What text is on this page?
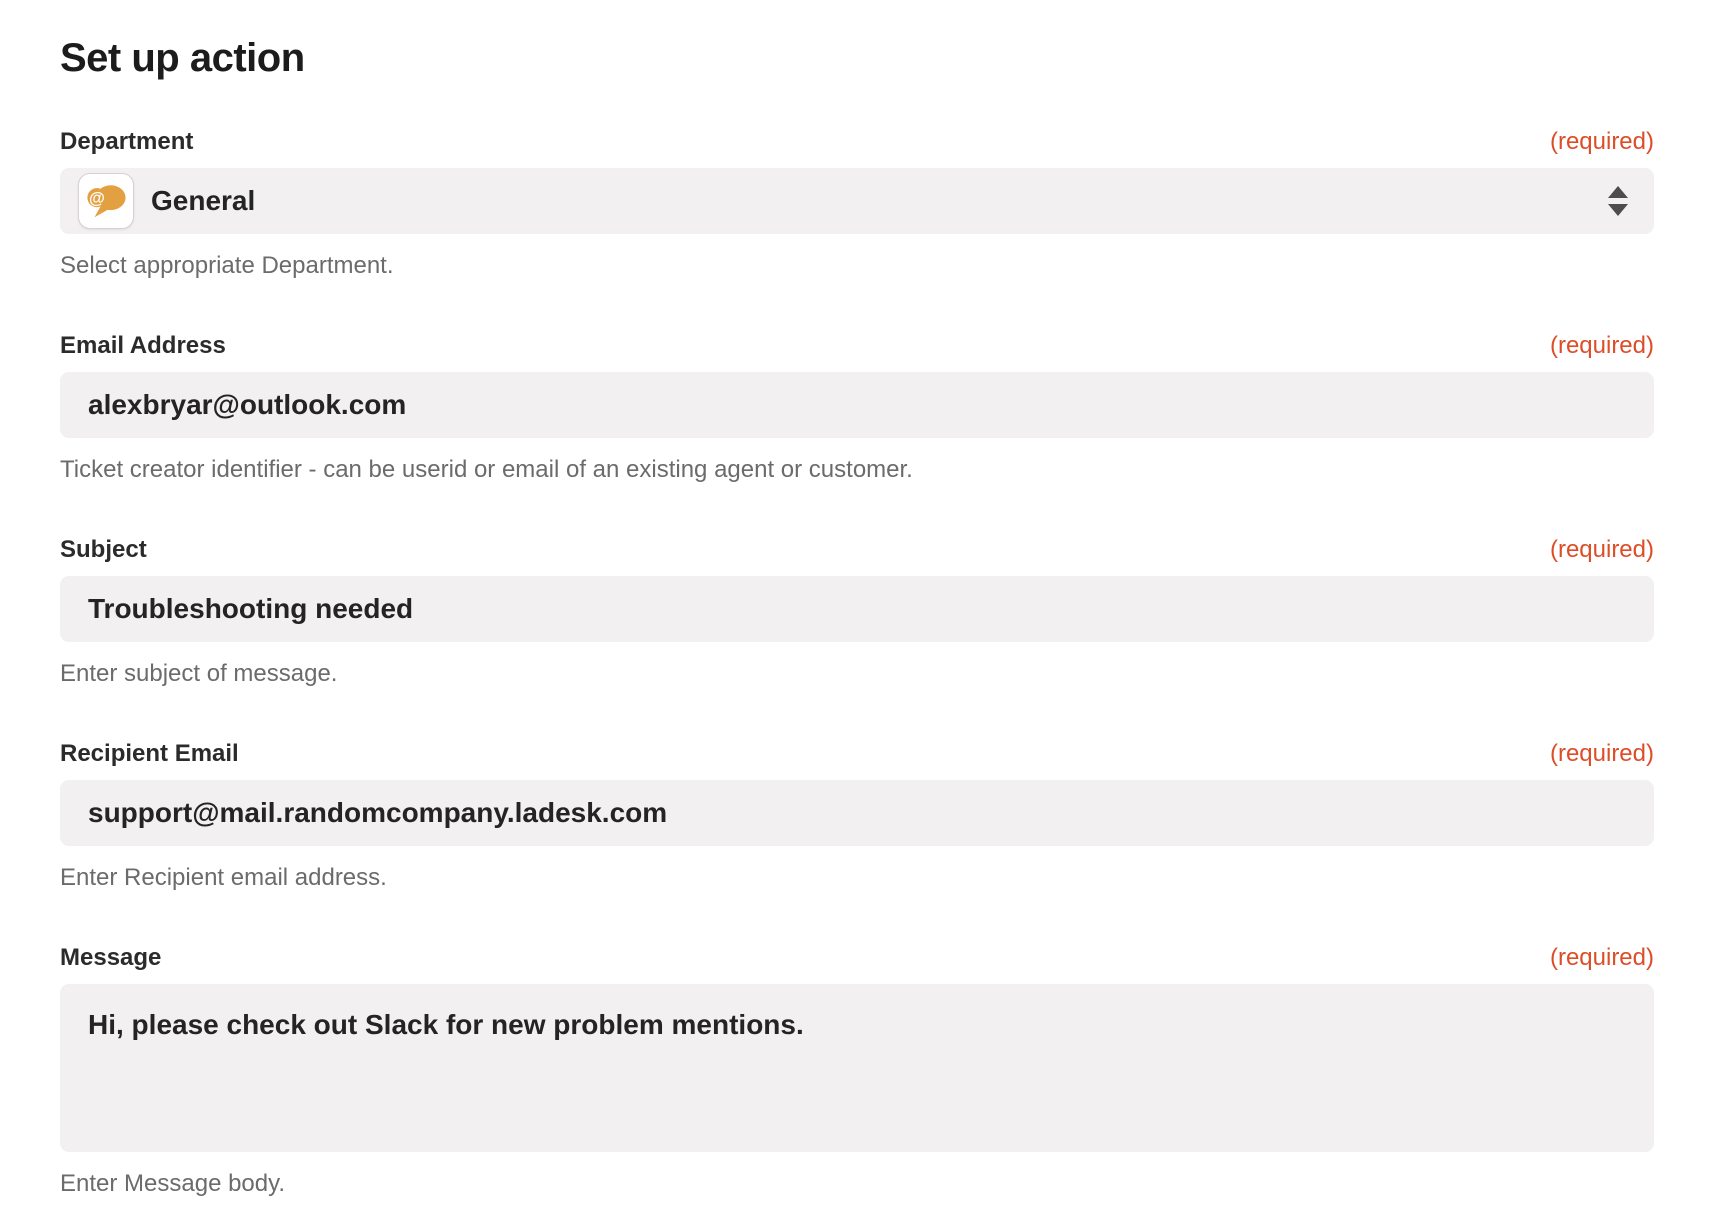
Set up action
Department	(required)
@ General
Select appropriate Department.
Email Address	(required)
alexbryar@outlook.com
Ticket creator identifier - can be userid or email of an existing agent or customer.
Subject	(required)
Troubleshooting needed
Enter subject of message.
Recipient Email	(required)
support@mail.randomcompany.ladesk.com
Enter Recipient email address.
Message	(required)
Hi, please check out Slack for new problem mentions.
Enter Message body.
